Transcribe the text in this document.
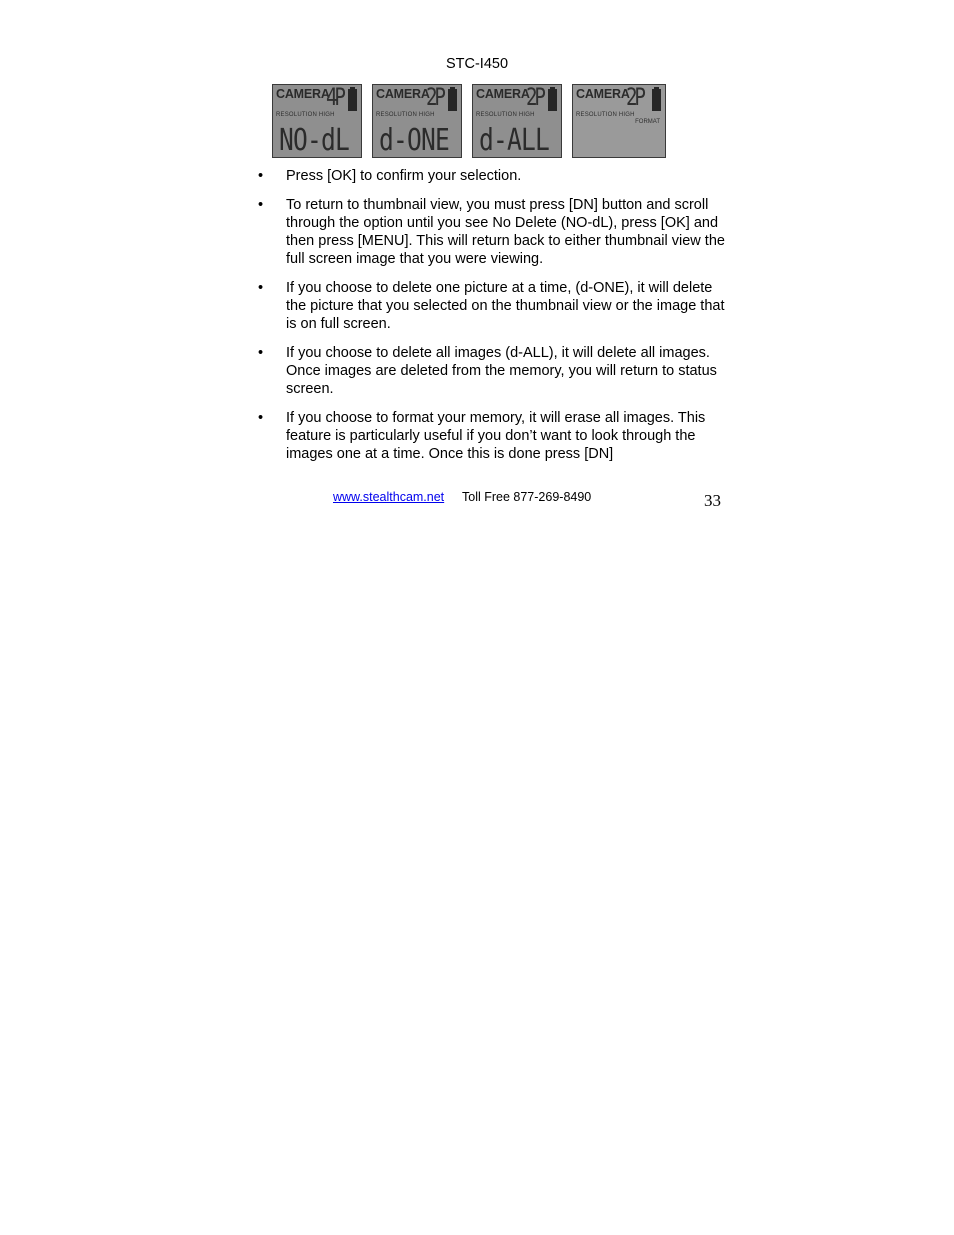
STC-I450
CAMERA
4P
RESOLUTION HIGH
NO-dL
CAMERA
2P
RESOLUTION HIGH
d-ONE
CAMERA
2P
RESOLUTION HIGH
d-ALL
CAMERA
2P
RESOLUTION HIGH
FORMAT
• Press [OK] to confirm your selection.
• To return to thumbnail view, you must press [DN] button and scroll through the option until you see No Delete (NO-dL), press [OK] and then press [MENU]. This will return back to either thumbnail view the full screen image that you were viewing.
• If you choose to delete one picture at a time, (d-ONE), it will delete the picture that you selected on the thumbnail view or the image that is on full screen.
• If you choose to delete all images (d-ALL), it will delete all images. Once images are deleted from the memory, you will return to status screen.
• If you choose to format your memory, it will erase all images. This feature is particularly useful if you don’t want to look through the images one at a time. Once this is done press [DN]
www.stealthcam.net Toll Free 877-269-8490	33
